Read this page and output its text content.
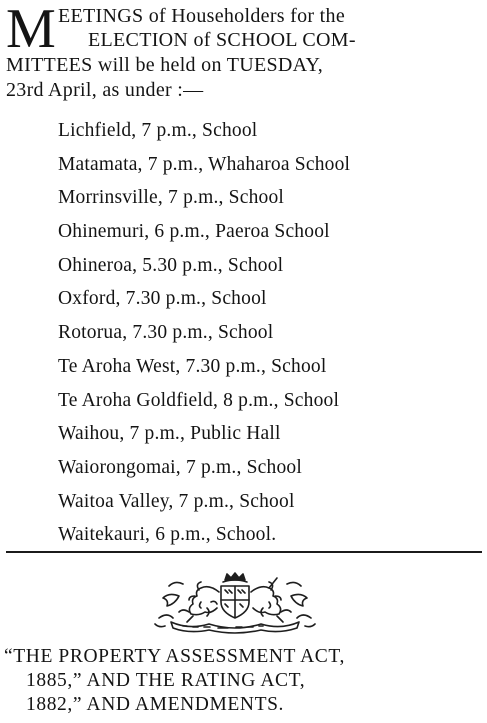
M EETINGS of Householders for the
ELECTION of SCHOOL COM-
MITTEES will be held on TUESDAY,
23rd April, as under :—
Lichfield, 7 p.m., School
Matamata, 7 p.m., Whaharoa School
Morrinsville, 7 p.m., School
Ohinemuri, 6 p.m., Paeroa School
Ohineroa, 5.30 p.m., School
Oxford, 7.30 p.m., School
Rotorua, 7.30 p.m., School
Te Aroha West, 7.30 p.m., School
Te Aroha Goldfield, 8 p.m., School
Waihou, 7 p.m., Public Hall
Waiorongomai, 7 p.m., School
Waitoa Valley, 7 p.m., School
Waitekauri, 6 p.m., School.
“THE PROPERTY ASSESSMENT ACT,
1885,” AND THE RATING ACT,
1882,” AND AMENDMENTS.
